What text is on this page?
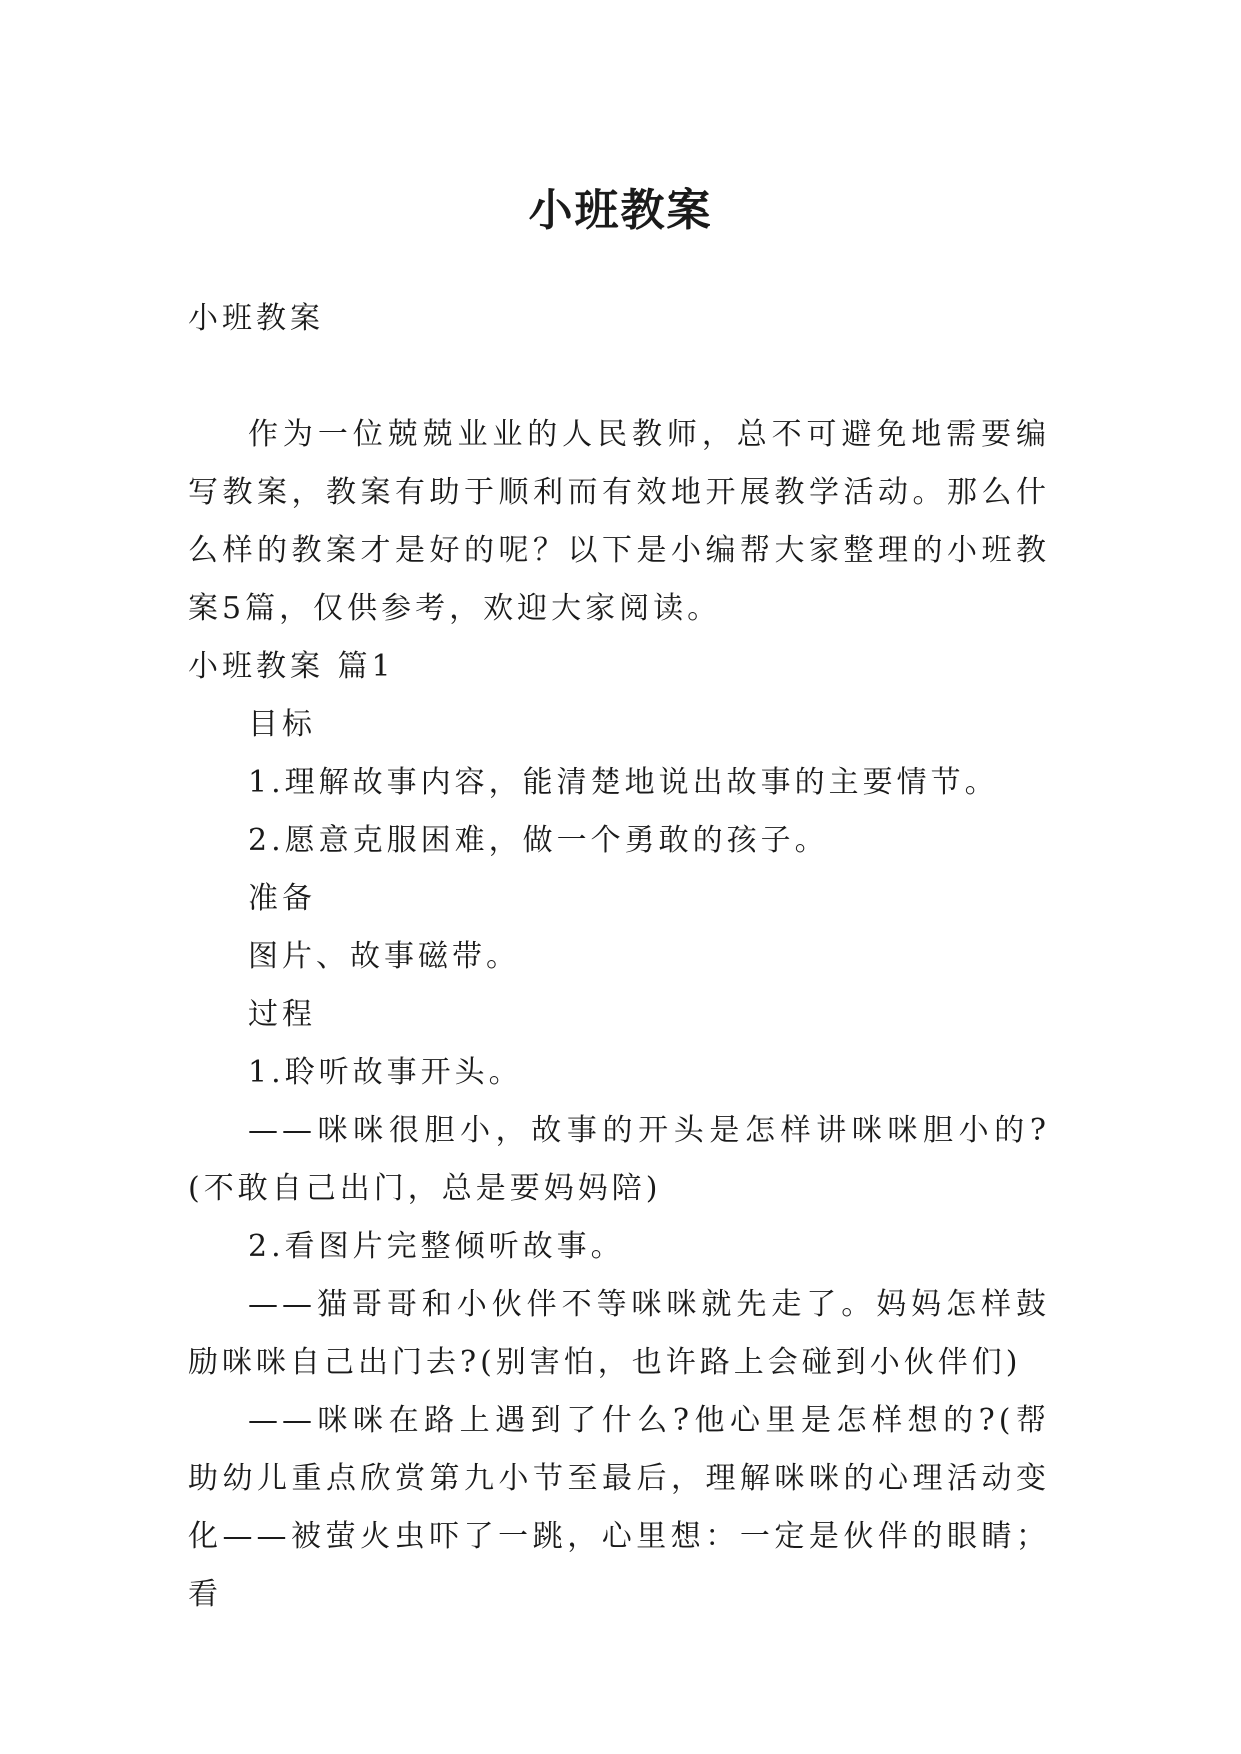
小班教案

小班教案

作为一位兢兢业业的人民教师，总不可避免地需要编写教案，教案有助于顺利而有效地开展教学活动。那么什么样的教案才是好的呢？以下是小编帮大家整理的小班教案5篇，仅供参考，欢迎大家阅读。

小班教案 篇1

目标

1.理解故事内容，能清楚地说出故事的主要情节。

2.愿意克服困难，做一个勇敢的孩子。

准备

图片、故事磁带。

过程

1.聆听故事开头。

——咪咪很胆小，故事的开头是怎样讲咪咪胆小的?(不敢自己出门，总是要妈妈陪)

2.看图片完整倾听故事。

——猫哥哥和小伙伴不等咪咪就先走了。妈妈怎样鼓励咪咪自己出门去?(别害怕，也许路上会碰到小伙伴们)

——咪咪在路上遇到了什么?他心里是怎样想的?(帮助幼儿重点欣赏第九小节至最后，理解咪咪的心理活动变化——被萤火虫吓了一跳，心里想：一定是伙伴的眼睛；看
